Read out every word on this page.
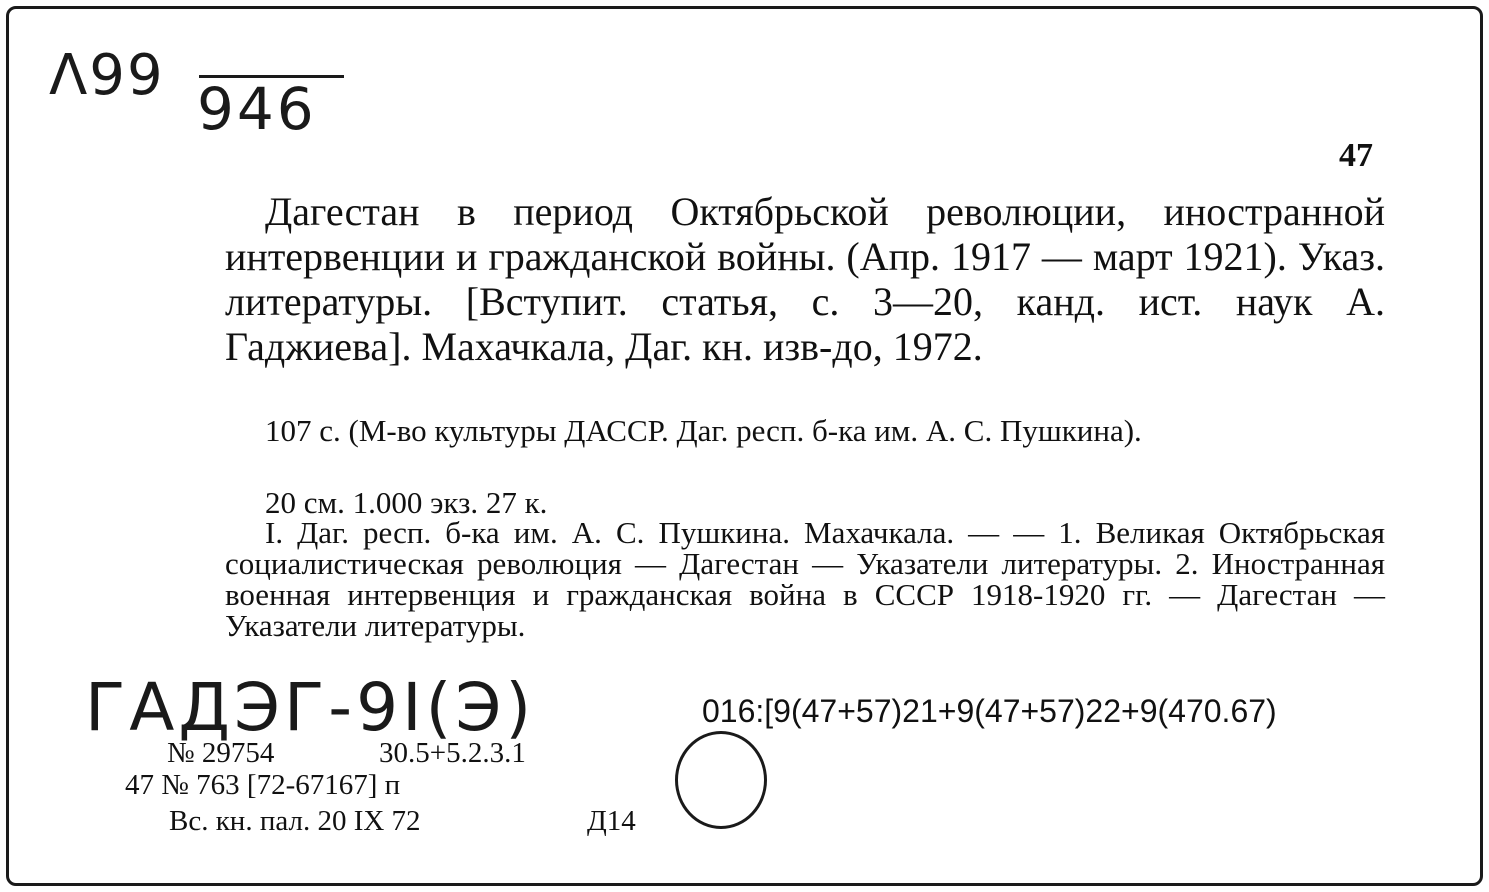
Λ99 946
47

Дагестан в период Октябрьской революции, иностранной интервенции и гражданской войны. (Апр. 1917 — март 1921). Указ. литературы. [Вступит. статья, с. 3—20, канд. ист. наук А. Гаджиева]. Махачкала, Даг. кн. изв-до, 1972.

107 с. (М-во культуры ДАССР. Даг. респ. б-ка им. А. С. Пушкина).

20 см. 1.000 экз. 27 к.

I. Даг. респ. б-ка им. А. С. Пушкина. Махачкала. — — 1. Великая Октябрьская социалистическая революция — Дагестан — Указатели литературы. 2. Иностранная военная интервенция и гражданская война в СССР 1918-1920 гг. — Дагестан — Указатели литературы.

ГАДЭГ-9І(Э)	016:[9(47+57)21+9(47+57)22+9(470.67)
№ 29754	30.5+5.2.3.1
47 № 763 [72-67167] п
Вс. кн. пал. 20 IX 72	Д14
